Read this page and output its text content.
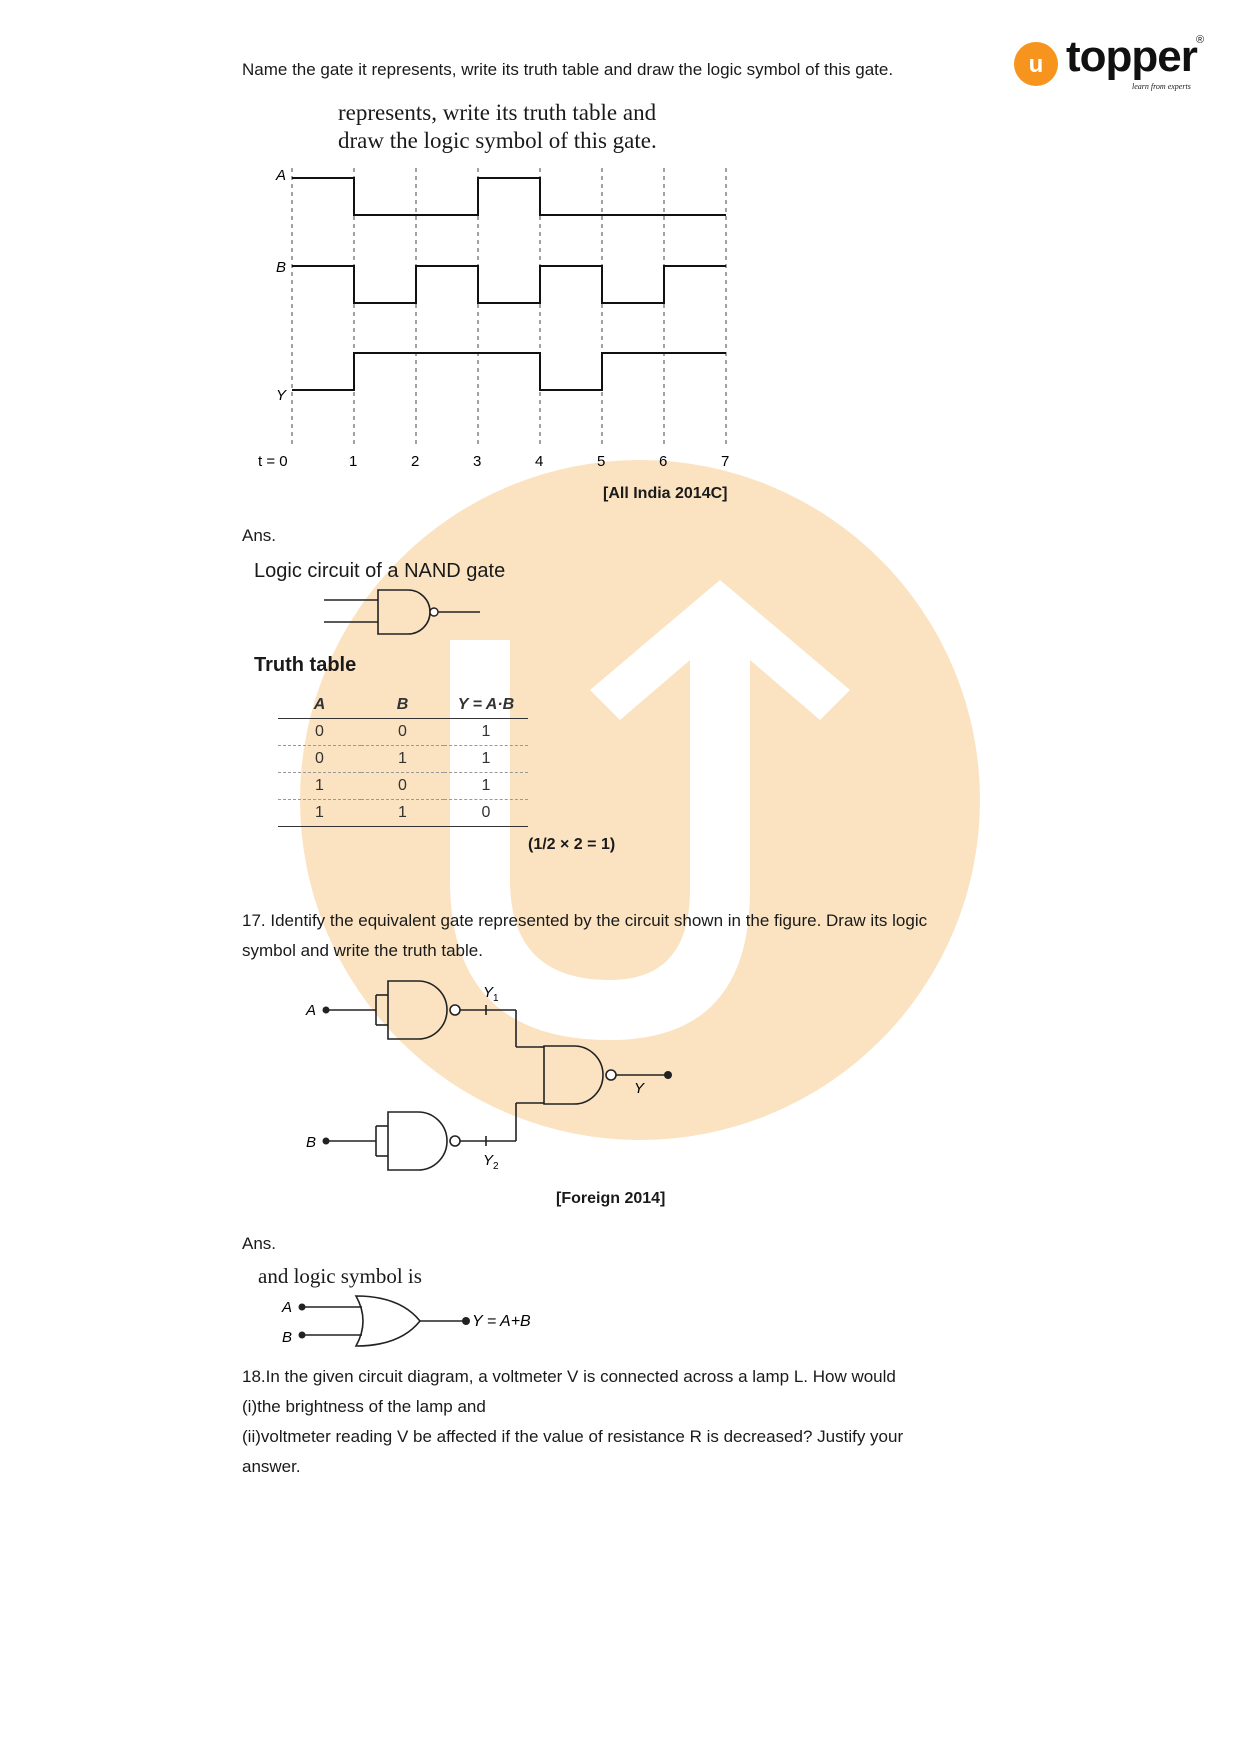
u topper ®
learn from experts
Name the gate it represents, write its truth table and draw the logic symbol of this gate.
represents, write its truth table and
draw the logic symbol of this gate.
A
B
Y
t = 0	1	2	3	4	5	6	7
[All India 2014C]
Ans.
Logic circuit of a NAND gate
Truth table
A	B	Y = A·B
0	0	1
0	1	1
1	0	1
1	1	0
(1/2 × 2 = 1)
17. Identify the equivalent gate represented by the circuit shown in the figure. Draw its logic
symbol and write the truth table.
A
B
Y 1
Y 2
Y
[Foreign 2014]
Ans.
and logic symbol is
A
B
Y = A+B
18.In the given circuit diagram, a voltmeter V is connected across a lamp L. How would
(i)the brightness of the lamp and
(ii)voltmeter reading V be affected if the value of resistance R is decreased? Justify your
answer.
